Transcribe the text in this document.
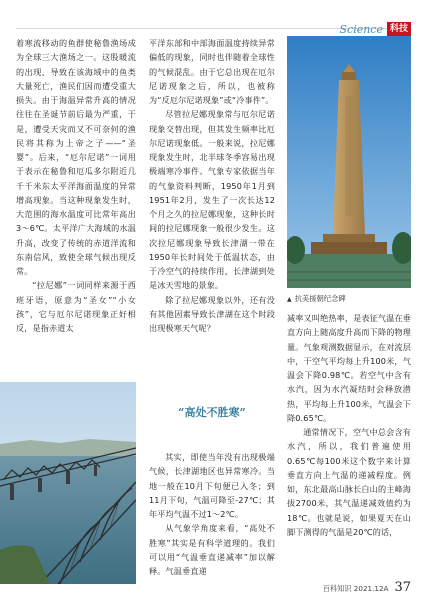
Science 科技

着寒流移动的鱼群使秘鲁渔场成为全球三大渔场之一。这股暖流的出现，导致在该海域中的鱼类大量死亡，渔民们因而遭受重大损失。由于海温异常升高的情况往往在圣诞节前后最为严重，于是，遭受天灾而又不可奈何的渔民将其称为上帝之子——“圣婴”。后来，“厄尔尼诺”一词用于表示在秘鲁和厄瓜多尔附近几千千米东太平洋海面温度的异常增高现象。当这种现象发生时，大范围的海水温度可比常年高出3～6℃。太平洋广大海域的水温升高，改变了传统的赤道洋流和东南信风，致使全球气候出现反常。

“拉尼娜”一词同样来源于西班牙语，原意为“圣女”“小女孩”，它与厄尔尼诺现象正好相反，是指赤道太

平洋东部和中部海面温度持续异常偏低的现象，同时也伴随着全球性的气候混乱。由于它总出现在厄尔尼诺现象之后，所以，也被称为“反厄尔尼诺现象”或“冷事件”。

尽管拉尼娜现象常与厄尔尼诺现象交替出现，但其发生频率比厄尔尼诺现象低。一般来说，拉尼娜现象发生时，北半球冬季容易出现极端寒冷事件。气象专家依据当年的气象资料判断，1950年1月到1951年2月，发生了一次长达12个月之久的拉尼娜现象，这种长时间的拉尼娜现象一般很少发生。这次拉尼娜现象导致长津湖一带在1950年长时间处于低温状态，由于冷空气的持续作用，长津湖到处是冰天雪地的景象。

除了拉尼娜现象以外，还有没有其他因素导致长津湖在这个时段出现极寒天气呢？

“高处不胜寒”

其实，即使当年没有出现极端气候，长津湖地区也异常寒冷。当地一般在10月下旬便已入冬；到11月下旬，气温可降至-27℃；其年平均气温不过1～2℃。

从气象学角度来看，“高处不胜寒”其实是有科学道理的。我们可以用“气温垂直递减率”加以解释。气温垂直递

▲ 抗美援朝纪念碑

减率又叫绝热率，是表征气温在垂直方向上随高度升高而下降的物理量。气象观测数据显示，在对流层中，干空气平均每上升100米，气温会下降0.98℃。若空气中含有水汽，因为水汽凝结时会释放潜热，平均每上升100米，气温会下降0.65℃。

通常情况下，空气中总会含有水汽，所以，我们普遍使用0.65℃每100米这个数字来计算垂直方向上气温的递减程度。例如，东北最高山脉长白山的主峰海拔2700米，其气温递减效值约为18℃。也就是说，如果夏天在山脚下测得的气温是20℃的话，

百科知识 2021.12A 37
